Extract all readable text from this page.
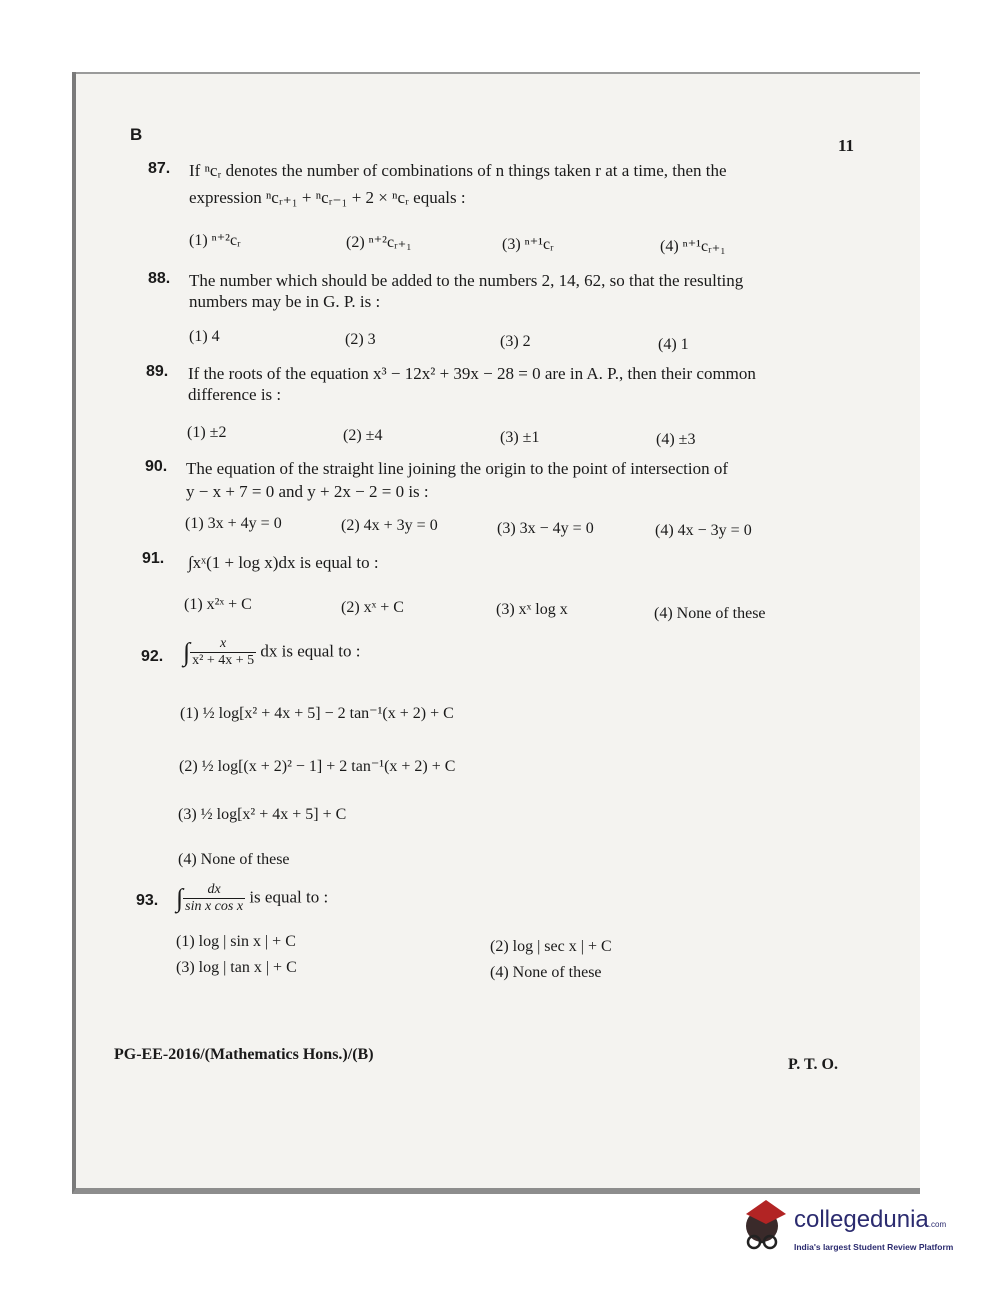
B
11
87. If ⁿcᵣ denotes the number of combinations of n things taken r at a time, then the
expression ⁿcᵣ₊₁ + ⁿcᵣ₋₁ + 2 × ⁿcᵣ equals :
(1) ⁿ⁺²cᵣ	(2) ⁿ⁺²cᵣ₊₁	(3) ⁿ⁺¹cᵣ	(4) ⁿ⁺¹cᵣ₊₁
88. The number which should be added to the numbers 2, 14, 62, so that the resulting
numbers may be in G. P. is :
(1) 4	(2) 3	(3) 2	(4) 1
89. If the roots of the equation x³ − 12x² + 39x − 28 = 0 are in A. P., then their common
difference is :
(1) ±2	(2) ±4	(3) ±1	(4) ±3
90. The equation of the straight line joining the origin to the point of intersection of
y − x + 7 = 0 and y + 2x − 2 = 0 is :
(1) 3x + 4y = 0	(2) 4x + 3y = 0	(3) 3x − 4y = 0	(4) 4x − 3y = 0
91. ∫xˣ(1 + log x)dx is equal to :
(1) x²ˣ + C	(2) xˣ + C	(3) xˣ log x	(4) None of these
92. ∫ $\frac{x}{\text{x² + 4x + 5}}$ dx is equal to :
(1) ½ log[x² + 4x + 5] − 2 tan⁻¹(x + 2) + C
(2) ½ log[(x + 2)² − 1] + 2 tan⁻¹(x + 2) + C
(3) ½ log[x² + 4x + 5] + C
(4) None of these
93. ∫ $\frac{dx}{\text{sin x cos x}}$ is equal to :
(1) log | sin x | + C	(2) log | sec x | + C
(3) log | tan x | + C	(4) None of these
PG-EE-2016/(Mathematics Hons.)/(B)
P. T. O.
collegedunia.com
India's largest Student Review Platform
